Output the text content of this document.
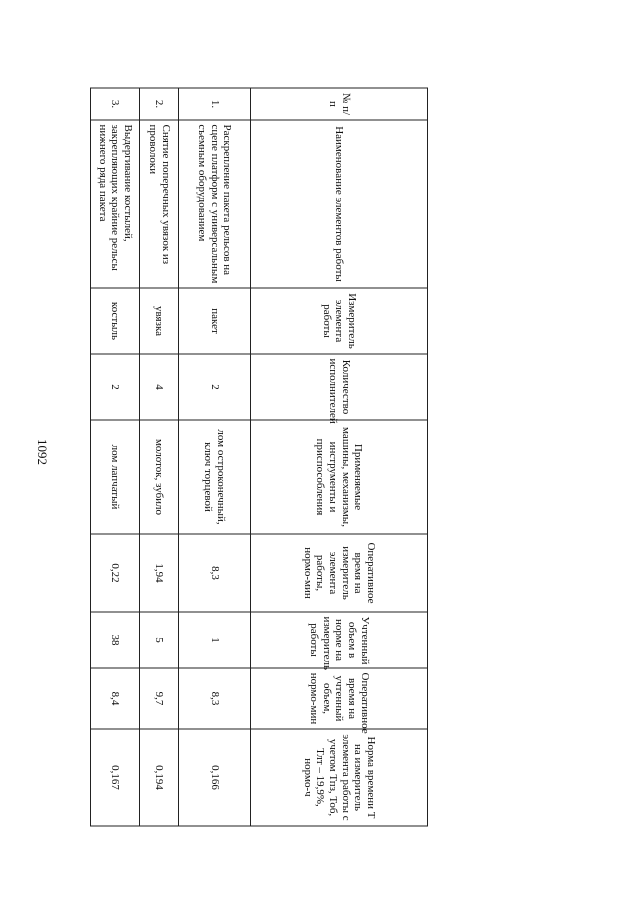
1092
№ п/п	Наименование элементов работы	Измеритель элемента работы	Количество исполнителей	Применяемые машины, механизмы, инструменты и приспособления	Оперативное время на измеритель элемента работы, нормо-мин	Учтенный объем в норме на измеритель работы	Оперативное время на учтенный объем, нормо-мин	Норма времени Т на измеритель элемента работы с учетом Тпз, Тоб, Тлт – 19,9%, нормо-ч
1.	Раскрепление пакета рельсов на сцепе платформ с универсальным съемным оборудованием	пакет	2	лом остроконечный, ключ торцевой	8,3	1	8,3	0,166
2.	Снятие поперечных увязок из проволоки	увязка	4	молоток, зубило	1,94	5	9,7	0,194
3.	Выдергивание костылей, закрепляющих крайние рельсы нижнего ряда пакета	костыль	2	лом лапчатый	0,22	38	8,4	0,167
